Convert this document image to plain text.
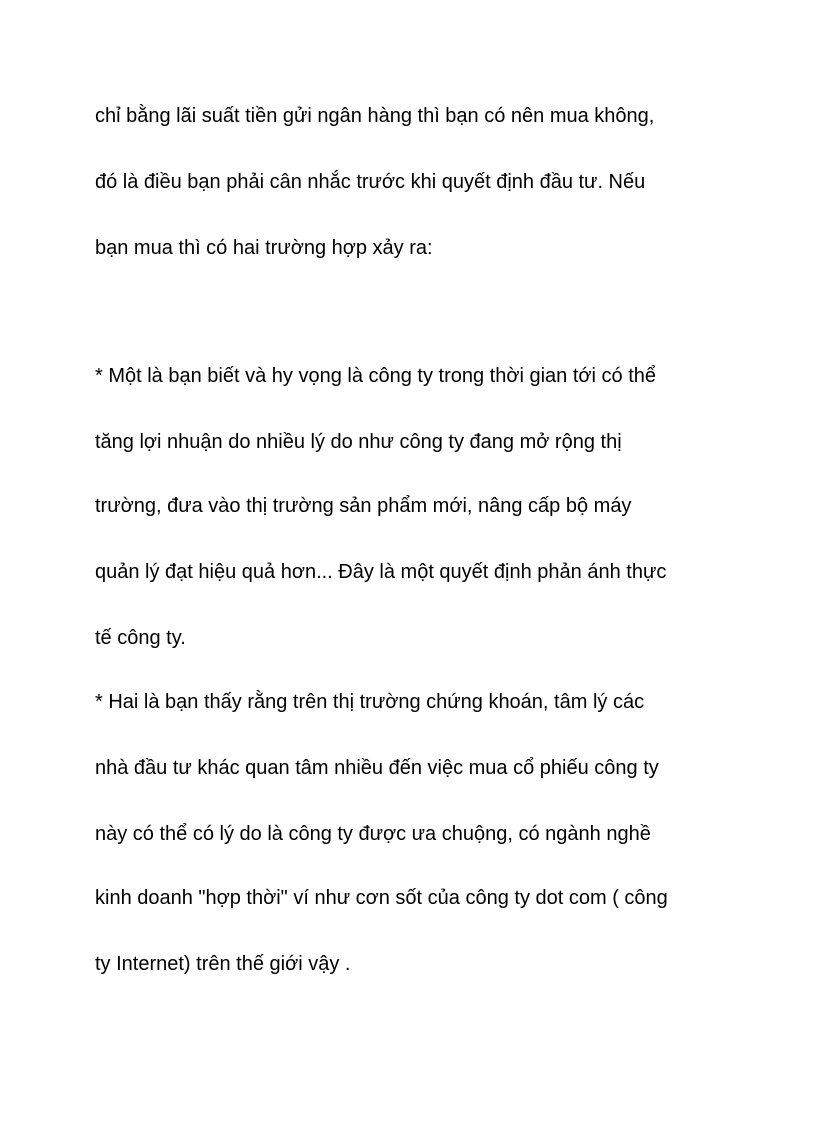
chỉ bằng lãi suất tiền gửi ngân hàng thì bạn có nên mua không,

đó là điều bạn phải cân nhắc trước khi quyết định đầu tư. Nếu

bạn mua thì có hai trường hợp xảy ra:

* Một là bạn biết và hy vọng là công ty trong thời gian tới có thể

tăng lợi nhuận do nhiều lý do như công ty đang mở rộng thị

trường, đưa vào thị trường sản phẩm mới, nâng cấp bộ máy

quản lý đạt hiệu quả hơn... Đây là một quyết định phản ánh thực

tế công ty.

* Hai là bạn thấy rằng trên thị trường chứng khoán, tâm lý các

nhà đầu tư khác quan tâm nhiều đến việc mua cổ phiếu công ty

này có thể có lý do là công ty được ưa chuộng, có ngành nghề

kinh doanh "hợp thời" ví như cơn sốt của công ty dot com ( công

ty Internet) trên thế giới vậy .
